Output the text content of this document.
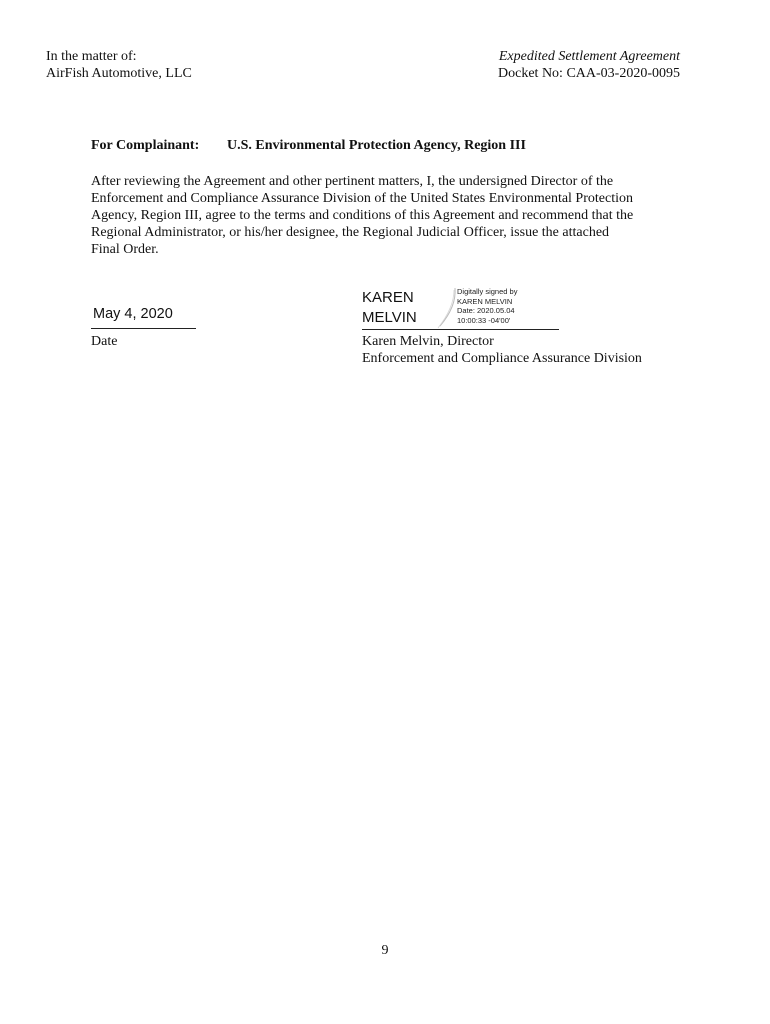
In the matter of:
AirFish Automotive, LLC
Expedited Settlement Agreement
Docket No: CAA-03-2020-0095
For Complainant: U.S. Environmental Protection Agency, Region III
After reviewing the Agreement and other pertinent matters, I, the undersigned Director of the
Enforcement and Compliance Assurance Division of the United States Environmental Protection
Agency, Region III, agree to the terms and conditions of this Agreement and recommend that the
Regional Administrator, or his/her designee, the Regional Judicial Officer, issue the attached
Final Order.
May 4, 2020
Date
KAREN
MELVIN
Digitally signed by
KAREN MELVIN
Date: 2020.05.04
10:00:33 -04'00'
Karen Melvin, Director
Enforcement and Compliance Assurance Division
9
